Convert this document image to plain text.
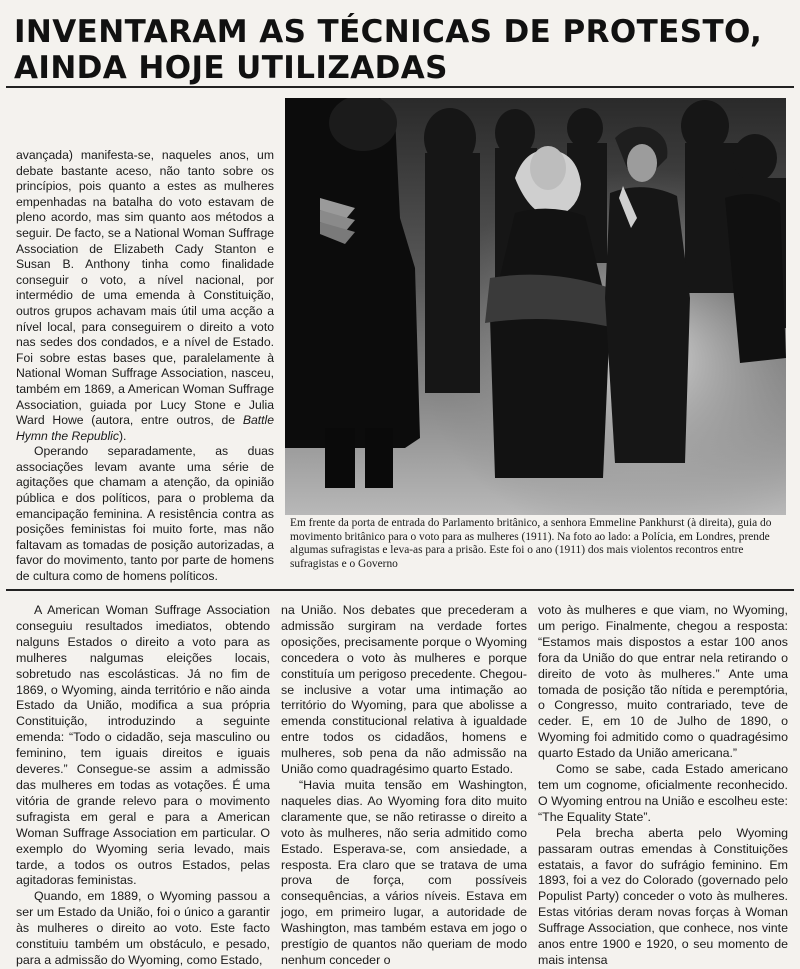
INVENTARAM AS TÉCNICAS DE PROTESTO, AINDA HOJE UTILIZADAS

avançada) manifesta-se, naqueles anos, um debate bastante aceso, não tanto sobre os princípios, pois quanto a estes as mulheres empenhadas na batalha do voto estavam de pleno acordo, mas sim quanto aos métodos a seguir. De facto, se a National Woman Suffrage Association de Elizabeth Cady Stanton e Susan B. Anthony tinha como finalidade conseguir o voto, a nível nacional, por intermédio de uma emenda à Constituição, outros grupos achavam mais útil uma acção a nível local, para conseguirem o direito a voto nas sedes dos condados, e a nível de Estado. Foi sobre estas bases que, paralelamente à National Woman Suffrage Association, nasceu, também em 1869, a American Woman Suffrage Association, guiada por Lucy Stone e Julia Ward Howe (autora, entre outros, de Battle Hymn the Republic).

Operando separadamente, as duas associações levam avante uma série de agitações que chamam a atenção, da opinião pública e dos políticos, para o problema da emancipação feminina. A resistência contra as posições feministas foi muito forte, mas não faltavam as tomadas de posição autorizadas, a favor do movimento, tanto por parte de homens de cultura como de homens políticos.

Em frente da porta de entrada do Parlamento britânico, a senhora Emmeline Pankhurst (à direita), guia do movimento britânico para o voto para as mulheres (1911). Na foto ao lado: a Polícia, em Londres, prende algumas sufragistas e leva-as para a prisão. Este foi o ano (1911) dos mais violentos recontros entre sufragistas e o Governo

A American Woman Suffrage Association conseguiu resultados imediatos, obtendo nalguns Estados o direito a voto para as mulheres nalgumas eleições locais, sobretudo nas escolásticas. Já no fim de 1869, o Wyoming, ainda território e não ainda Estado da União, modifica a sua própria Constituição, introduzindo a seguinte emenda: “Todo o cidadão, seja masculino ou feminino, tem iguais direitos e iguais deveres.” Consegue-se assim a admissão das mulheres em todas as votações. É uma vitória de grande relevo para o movimento sufragista em geral e para a American Woman Suffrage Association em particular. O exemplo do Wyoming seria levado, mais tarde, a todos os outros Estados, pelas agitadoras feministas.

Quando, em 1889, o Wyoming passou a ser um Estado da União, foi o único a garantir às mulheres o direito ao voto. Este facto constituiu também um obstáculo, e pesado, para a admissão do Wyoming, como Estado,

na União. Nos debates que precederam a admissão surgiram na verdade fortes oposições, precisamente porque o Wyoming concedera o voto às mulheres e porque constituía um perigoso precedente. Chegou-se inclusive a votar uma intimação ao território do Wyoming, para que abolisse a emenda constitucional relativa à igualdade entre todos os cidadãos, homens e mulheres, sob pena da não admissão na União como quadragésimo quarto Estado.

“Havia muita tensão em Washington, naqueles dias. Ao Wyoming fora dito muito claramente que, se não retirasse o direito a voto às mulheres, não seria admitido como Estado. Esperava-se, com ansiedade, a resposta. Era claro que se tratava de uma prova de força, com possíveis consequências, a vários níveis. Estava em jogo, em primeiro lugar, a autoridade de Washington, mas também estava em jogo o prestígio de quantos não queriam de modo nenhum conceder o

voto às mulheres e que viam, no Wyoming, um perigo. Finalmente, chegou a resposta: “Estamos mais dispostos a estar 100 anos fora da União do que entrar nela retirando o direito de voto às mulheres.” Ante uma tomada de posição tão nítida e peremptória, o Congresso, muito contrariado, teve de ceder. E, em 10 de Julho de 1890, o Wyoming foi admitido como o quadragésimo quarto Estado da União americana.”

Como se sabe, cada Estado americano tem um cognome, oficialmente reconhecido. O Wyoming entrou na União e escolheu este: “The Equality State”.

Pela brecha aberta pelo Wyoming passaram outras emendas à Constituições estatais, a favor do sufrágio feminino. Em 1893, foi a vez do Colorado (governado pelo Populist Party) conceder o voto às mulheres. Estas vitórias deram novas forças à Woman Suffrage Association, que conhece, nos vinte anos entre 1900 e 1920, o seu momento de mais intensa
